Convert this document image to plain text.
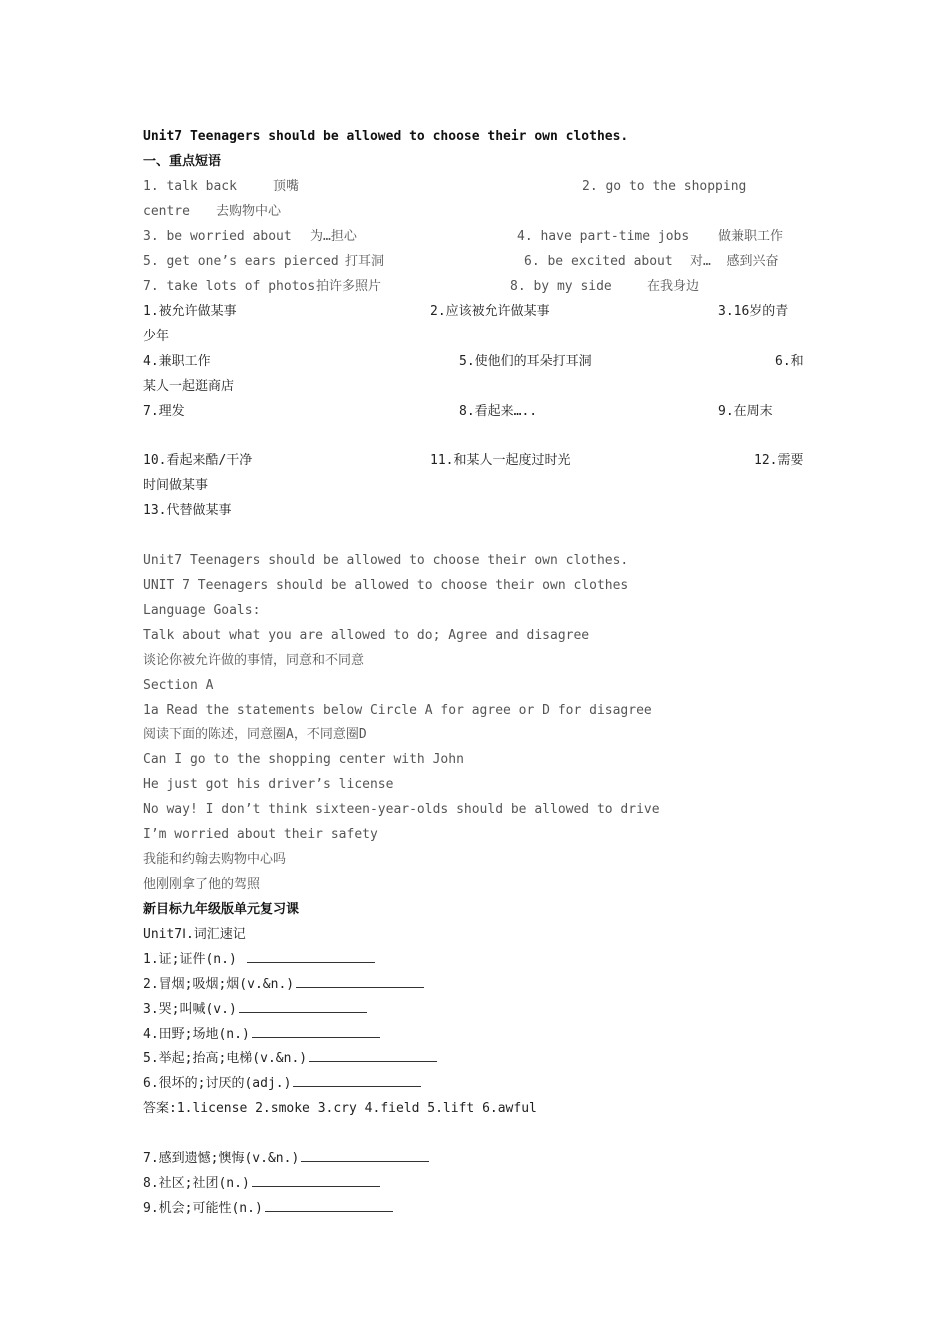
Unit7 Teenagers should be allowed to choose their own clothes.
一、重点短语
1. talk back	顶嘴	2. go to the shopping
centre 去购物中心
3. be worried about 为…担心	4. have part-time jobs 做兼职工作
5. get one’s ears pierced 打耳洞	6. be excited about 对…  感到兴奋
7. take lots of photos 拍许多照片	8. by my side	在我身边
1.被允许做某事	2.应该被允许做某事	3.16岁的青
少年
4.兼职工作	5.使他们的耳朵打耳洞	6.和
某人一起逛商店
7.理发	8.看起来…..	9.在周末
10.看起来酷/干净	11.和某人一起度过时光	12.需要
时间做某事
13.代替做某事
Unit7 Teenagers should be allowed to choose their own clothes.
UNIT 7 Teenagers should be allowed to choose their own clothes
Language Goals:
Talk about what you are allowed to do; Agree and disagree
谈论你被允许做的事情，同意和不同意
Section A
1a Read the statements below Circle A for agree or D for disagree
阅读下面的陈述，同意圈A，不同意圈D
Can I go to the shopping center with John
He just got his driver’s license
No way! I don’t think sixteen-year-olds should be allowed to drive
I’m worried about their safety
我能和约翰去购物中心吗
他刚刚拿了他的驾照
新目标九年级版单元复习课
Unit7Ⅰ.词汇速记
1.证;证件(n.)
2.冒烟;吸烟;烟(v.&n.)
3.哭;叫喊(v.)
4.田野;场地(n.)
5.举起;抬高;电梯(v.&n.)
6.很坏的;讨厌的(adj.)
答案:1.license 2.smoke 3.cry 4.field 5.lift 6.awful
7.感到遗憾;懊悔(v.&n.)
8.社区;社团(n.)
9.机会;可能性(n.)
